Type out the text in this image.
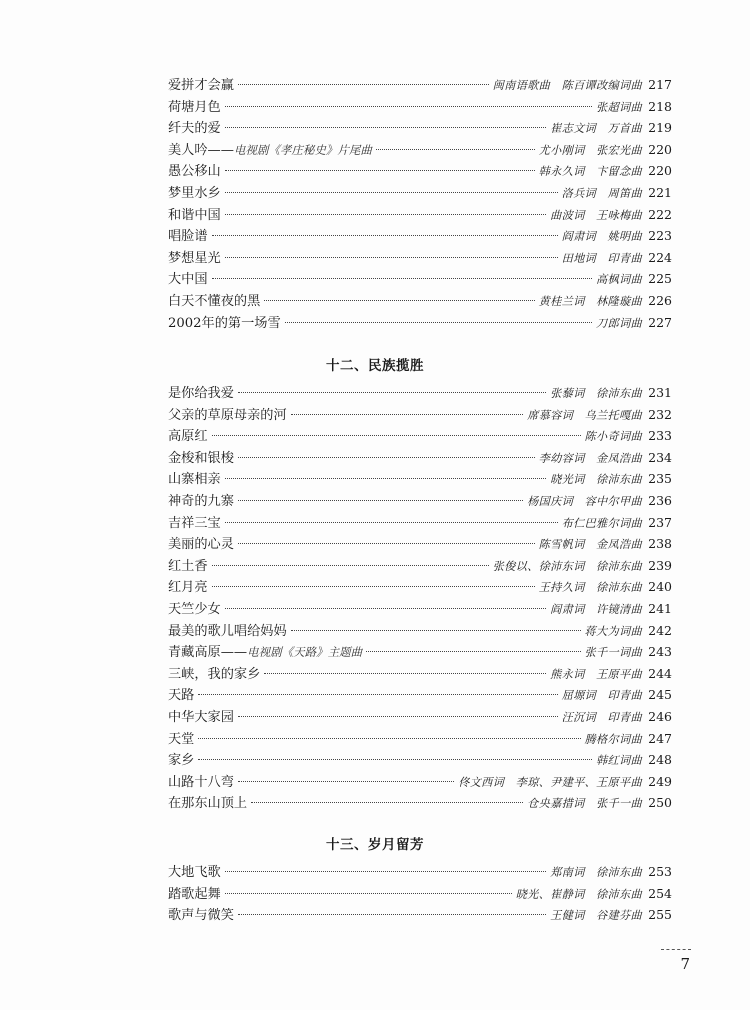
爱拼才会赢	闽南语歌曲　陈百谭改编词曲 217
荷塘月色	张超词曲 218
纤夫的爱	崔志文词　万首曲 219
美人吟—— 电视剧《孝庄秘史》片尾曲	尤小刚词　张宏光曲 220
愚公移山	韩永久词　卞留念曲 220
梦里水乡	洛兵词　周笛曲 221
和谐中国	曲波词　王咏梅曲 222
唱脸谱	阎肃词　姚明曲 223
梦想星光	田地词　印青曲 224
大中国	高枫词曲 225
白天不懂夜的黑	黄桂兰词　林隆璇曲 226
2002年的第一场雪	刀郎词曲 227
十二、民族揽胜
是你给我爱	张藜词　徐沛东曲 231
父亲的草原母亲的河	席慕容词　乌兰托嘎曲 232
高原红	陈小奇词曲 233
金梭和银梭	李幼容词　金凤浩曲 234
山寨相亲	晓光词　徐沛东曲 235
神奇的九寨	杨国庆词　容中尔甲曲 236
吉祥三宝	布仁巴雅尔词曲 237
美丽的心灵	陈雪帆词　金凤浩曲 238
红土香	张俊以、徐沛东词　徐沛东曲 239
红月亮	王持久词　徐沛东曲 240
天竺少女	阎肃词　许镜清曲 241
最美的歌儿唱给妈妈	蒋大为词曲 242
青藏高原—— 电视剧《天路》主题曲	张千一词曲 243
三峡，我的家乡	熊永词　王原平曲 244
天路	屈塬词　印青曲 245
中华大家园	汪沉词　印青曲 246
天堂	腾格尔词曲 247
家乡	韩红词曲 248
山路十八弯	佟文西词　李琼、尹建平、王原平曲 249
在那东山顶上	仓央嘉措词　张千一曲 250
十三、岁月留芳
大地飞歌	郑南词　徐沛东曲 253
踏歌起舞	晓光、崔静词　徐沛东曲 254
歌声与微笑	王健词　谷建芬曲 255
7
